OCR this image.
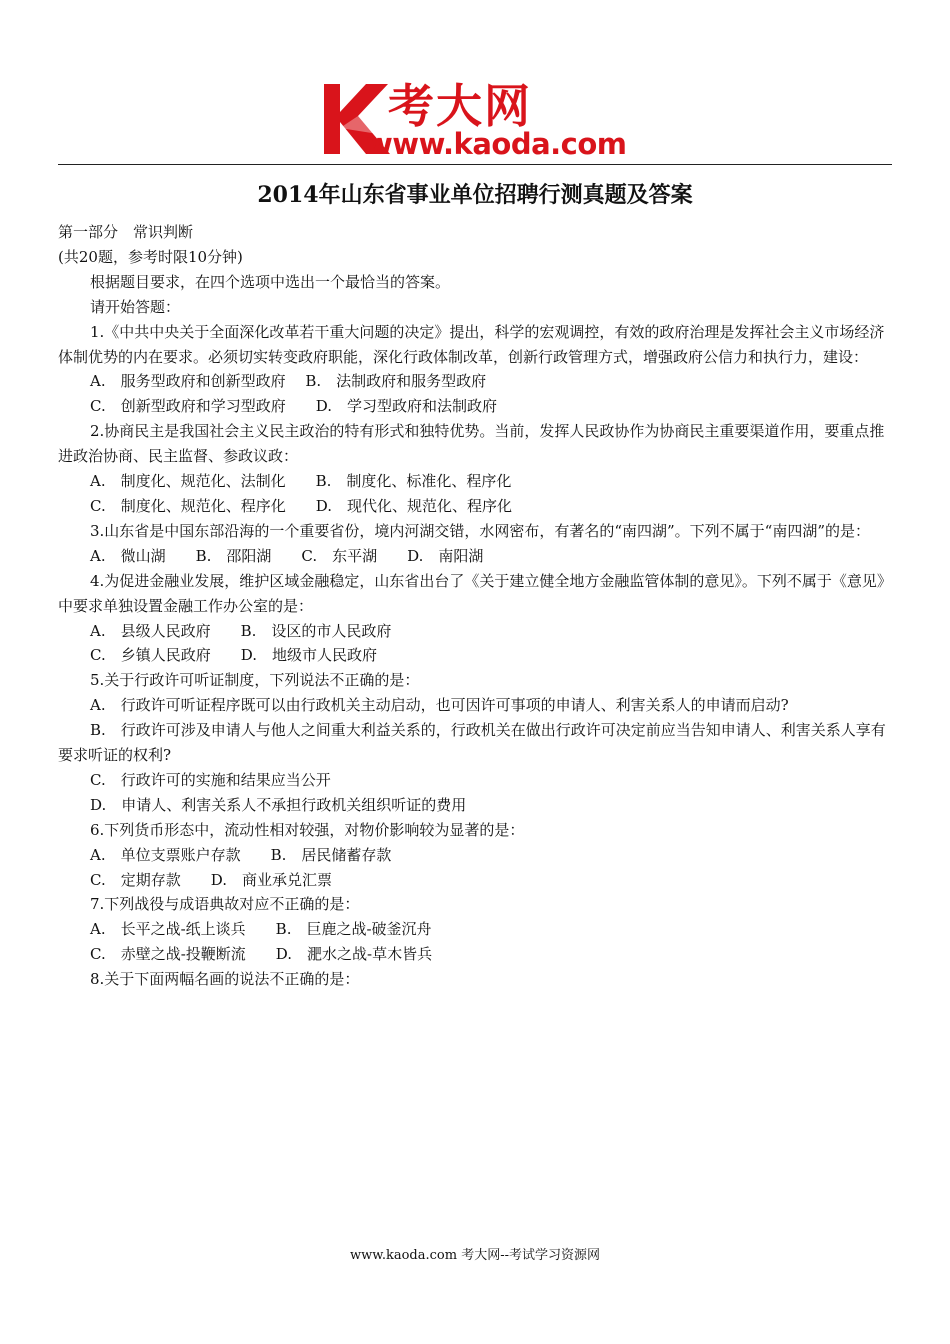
考大网
www.kaoda.com
2014年山东省事业单位招聘行测真题及答案

第一部分　常识判断

(共20题，参考时限10分钟)

根据题目要求，在四个选项中选出一个最恰当的答案。

请开始答题：

1.《中共中央关于全面深化改革若干重大问题的决定》提出，科学的宏观调控，有效的政府治理是发挥社会主义市场经济体制优势的内在要求。必须切实转变政府职能，深化行政体制改革，创新行政管理方式，增强政府公信力和执行力，建设：

A.　服务型政府和创新型政府　 B.　法制政府和服务型政府

C.　创新型政府和学习型政府　　D.　学习型政府和法制政府

2.协商民主是我国社会主义民主政治的特有形式和独特优势。当前，发挥人民政协作为协商民主重要渠道作用，要重点推进政治协商、民主监督、参政议政：

A.　制度化、规范化、法制化　　B.　制度化、标准化、程序化

C.　制度化、规范化、程序化　　D.　现代化、规范化、程序化

3.山东省是中国东部沿海的一个重要省份，境内河湖交错，水网密布，有著名的“南四湖”。下列不属于“南四湖”的是：

A.　微山湖　　B.　邵阳湖　　C.　东平湖　　D.　南阳湖

4.为促进金融业发展，维护区域金融稳定，山东省出台了《关于建立健全地方金融监管体制的意见》。下列不属于《意见》中要求单独设置金融工作办公室的是：

A.　县级人民政府　　B.　设区的市人民政府

C.　乡镇人民政府　　D.　地级市人民政府

5.关于行政许可听证制度，下列说法不正确的是：

A.　行政许可听证程序既可以由行政机关主动启动，也可因许可事项的申请人、利害关系人的申请而启动?

B.　行政许可涉及申请人与他人之间重大利益关系的，行政机关在做出行政许可决定前应当告知申请人、利害关系人享有要求听证的权利?

C.　行政许可的实施和结果应当公开

D.　申请人、利害关系人不承担行政机关组织听证的费用

6.下列货币形态中，流动性相对较强，对物价影响较为显著的是：

A.　单位支票账户存款　　B.　居民储蓄存款

C.　定期存款　　D.　商业承兑汇票

7.下列战役与成语典故对应不正确的是：

A.　长平之战-纸上谈兵　　B.　巨鹿之战-破釜沉舟

C.　赤壁之战-投鞭断流　　D.　淝水之战-草木皆兵

8.关于下面两幅名画的说法不正确的是：

www.kaoda.com 考大网--考试学习资源网
